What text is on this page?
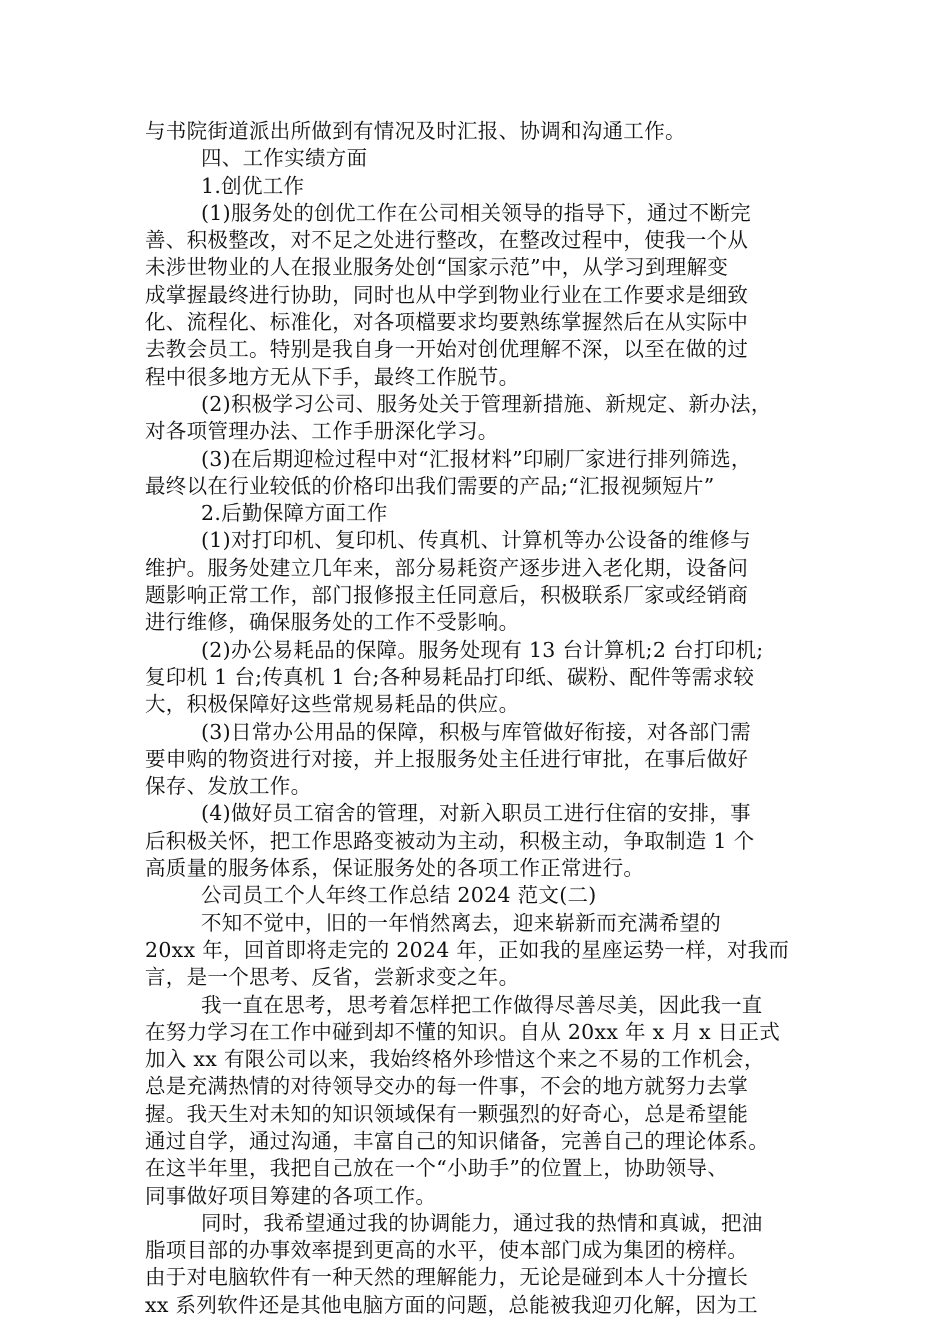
与书院街道派出所做到有情况及时汇报、协调和沟通工作。
四、工作实绩方面
1.创优工作
(1)服务处的创优工作在公司相关领导的指导下，通过不断完
善、积极整改，对不足之处进行整改，在整改过程中，使我一个从
未涉世物业的人在报业服务处创“国家示范”中，从学习到理解变
成掌握最终进行协助，同时也从中学到物业行业在工作要求是细致
化、流程化、标准化，对各项檔要求均要熟练掌握然后在从实际中
去教会员工。特别是我自身一开始对创优理解不深，以至在做的过
程中很多地方无从下手，最终工作脱节。
(2)积极学习公司、服务处关于管理新措施、新规定、新办法，
对各项管理办法、工作手册深化学习。
(3)在后期迎检过程中对“汇报材料”印刷厂家进行排列筛选，
最终以在行业较低的价格印出我们需要的产品;“汇报视频短片”
2.后勤保障方面工作
(1)对打印机、复印机、传真机、计算机等办公设备的维修与
维护。服务处建立几年来，部分易耗资产逐步进入老化期，设备问
题影响正常工作，部门报修报主任同意后，积极联系厂家或经销商
进行维修，确保服务处的工作不受影响。
(2)办公易耗品的保障。服务处现有 13 台计算机;2 台打印机;
复印机 1 台;传真机 1 台;各种易耗品打印纸、碳粉、配件等需求较
大，积极保障好这些常规易耗品的供应。
(3)日常办公用品的保障，积极与库管做好衔接，对各部门需
要申购的物资进行对接，并上报服务处主任进行审批，在事后做好
保存、发放工作。
(4)做好员工宿舍的管理，对新入职员工进行住宿的安排，事
后积极关怀，把工作思路变被动为主动，积极主动，争取制造 1 个
高质量的服务体系，保证服务处的各项工作正常进行。
公司员工个人年终工作总结 2024 范文(二)
不知不觉中，旧的一年悄然离去，迎来崭新而充满希望的
20xx 年，回首即将走完的 2024 年，正如我的星座运势一样，对我而
言，是一个思考、反省，尝新求变之年。
我一直在思考，思考着怎样把工作做得尽善尽美，因此我一直
在努力学习在工作中碰到却不懂的知识。自从 20xx 年 x 月 x 日正式
加入 xx 有限公司以来，我始终格外珍惜这个来之不易的工作机会，
总是充满热情的对待领导交办的每一件事，不会的地方就努力去掌
握。我天生对未知的知识领域保有一颗强烈的好奇心，总是希望能
通过自学，通过沟通，丰富自己的知识储备，完善自己的理论体系。
在这半年里，我把自己放在一个“小助手”的位置上，协助领导、
同事做好项目筹建的各项工作。
同时，我希望通过我的协调能力，通过我的热情和真诚，把油
脂项目部的办事效率提到更高的水平，使本部门成为集团的榜样。
由于对电脑软件有一种天然的理解能力，无论是碰到本人十分擅长
xx 系列软件还是其他电脑方面的问题，总能被我迎刃化解，因为工
